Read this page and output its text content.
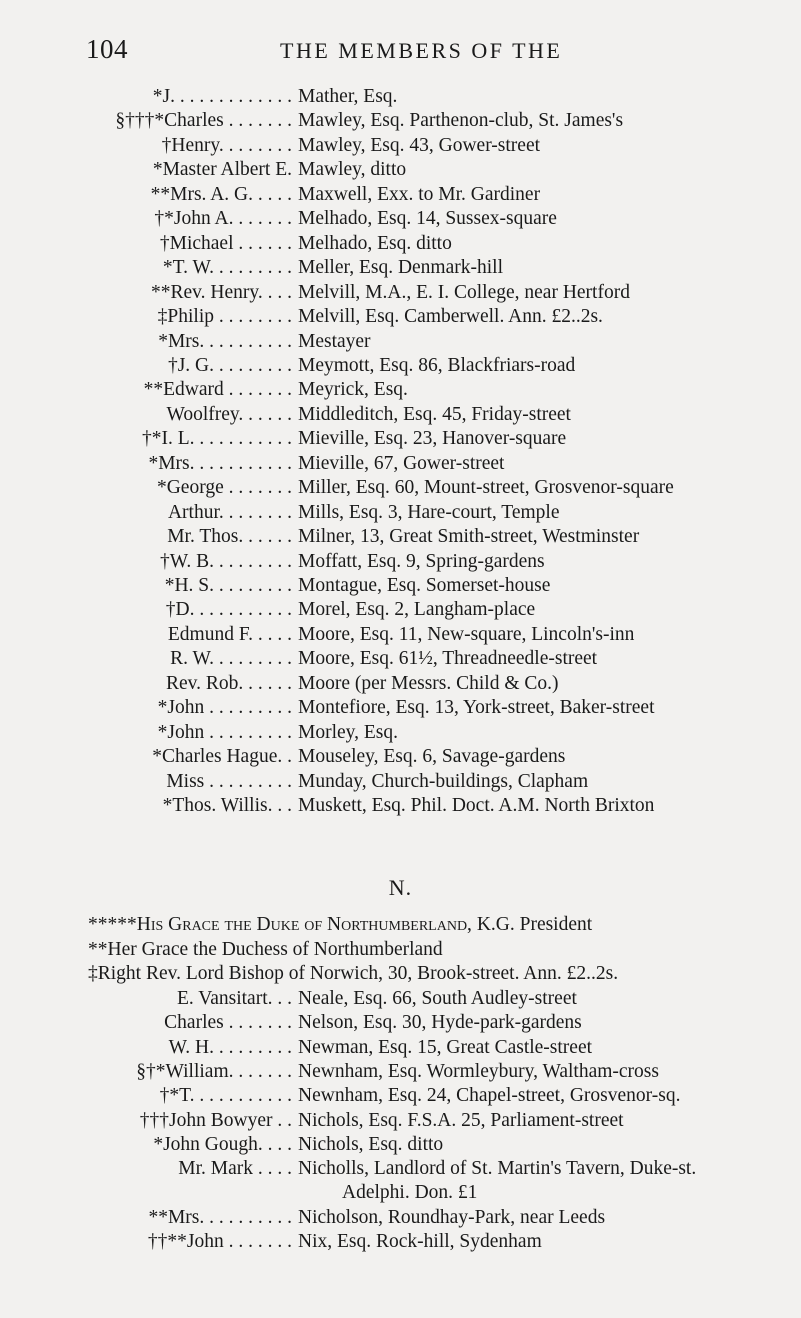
104	THE MEMBERS OF THE
*J. . . . . . . . . . . . . Mather, Esq.
§†††*Charles . . . . . . . Mawley, Esq. Parthenon-club, St. James's
†Henry. . . . . . . . Mawley, Esq. 43, Gower-street
*Master Albert E. Mawley, ditto
**Mrs. A. G. . . . . Maxwell, Exx. to Mr. Gardiner
†*John A. . . . . . . Melhado, Esq. 14, Sussex-square
†Michael . . . . . . Melhado, Esq. ditto
*T. W. . . . . . . . . Meller, Esq. Denmark-hill
**Rev. Henry. . . . Melvill, M.A., E. I. College, near Hertford
‡Philip . . . . . . . . Melvill, Esq. Camberwell. Ann. £2..2s.
*Mrs. . . . . . . . . . Mestayer
†J. G. . . . . . . . . Meymott, Esq. 86, Blackfriars-road
**Edward . . . . . . . Meyrick, Esq.
Woolfrey. . . . . . Middleditch, Esq. 45, Friday-street
†*I. L. . . . . . . . . . . Mieville, Esq. 23, Hanover-square
*Mrs. . . . . . . . . . . Mieville, 67, Gower-street
*George . . . . . . . Miller, Esq. 60, Mount-street, Grosvenor-square
Arthur. . . . . . . . Mills, Esq. 3, Hare-court, Temple
Mr. Thos. . . . . . Milner, 13, Great Smith-street, Westminster
†W. B. . . . . . . . . Moffatt, Esq. 9, Spring-gardens
*H. S. . . . . . . . . Montague, Esq. Somerset-house
†D. . . . . . . . . . . Morel, Esq. 2, Langham-place
Edmund F. . . . . Moore, Esq. 11, New-square, Lincoln's-inn
R. W. . . . . . . . . Moore, Esq. 61½, Threadneedle-street
Rev. Rob. . . . . . Moore (per Messrs. Child & Co.)
*John . . . . . . . . . Montefiore, Esq. 13, York-street, Baker-street
*John . . . . . . . . . Morley, Esq.
*Charles Hague. . Mouseley, Esq. 6, Savage-gardens
Miss . . . . . . . . . Munday, Church-buildings, Clapham
*Thos. Willis. . . Muskett, Esq. Phil. Doct. A.M. North Brixton
N.
*****His Grace the Duke of Northumberland, K.G. President
**Her Grace the Duchess of Northumberland
‡Right Rev. Lord Bishop of Norwich, 30, Brook-street. Ann. £2..2s.
E. Vansitart. . . Neale, Esq. 66, South Audley-street
Charles . . . . . . . Nelson, Esq. 30, Hyde-park-gardens
W. H. . . . . . . . . Newman, Esq. 15, Great Castle-street
§†*William. . . . . . . Newnham, Esq. Wormleybury, Waltham-cross
†*T. . . . . . . . . . . Newnham, Esq. 24, Chapel-street, Grosvenor-sq.
†††John Bowyer . . Nichols, Esq. F.S.A. 25, Parliament-street
*John Gough. . . . Nichols, Esq. ditto
Mr. Mark . . . . Nicholls, Landlord of St. Martin's Tavern, Duke-st.
Adelphi. Don. £1
**Mrs. . . . . . . . . . Nicholson, Roundhay-Park, near Leeds
††**John . . . . . . . Nix, Esq. Rock-hill, Sydenham
